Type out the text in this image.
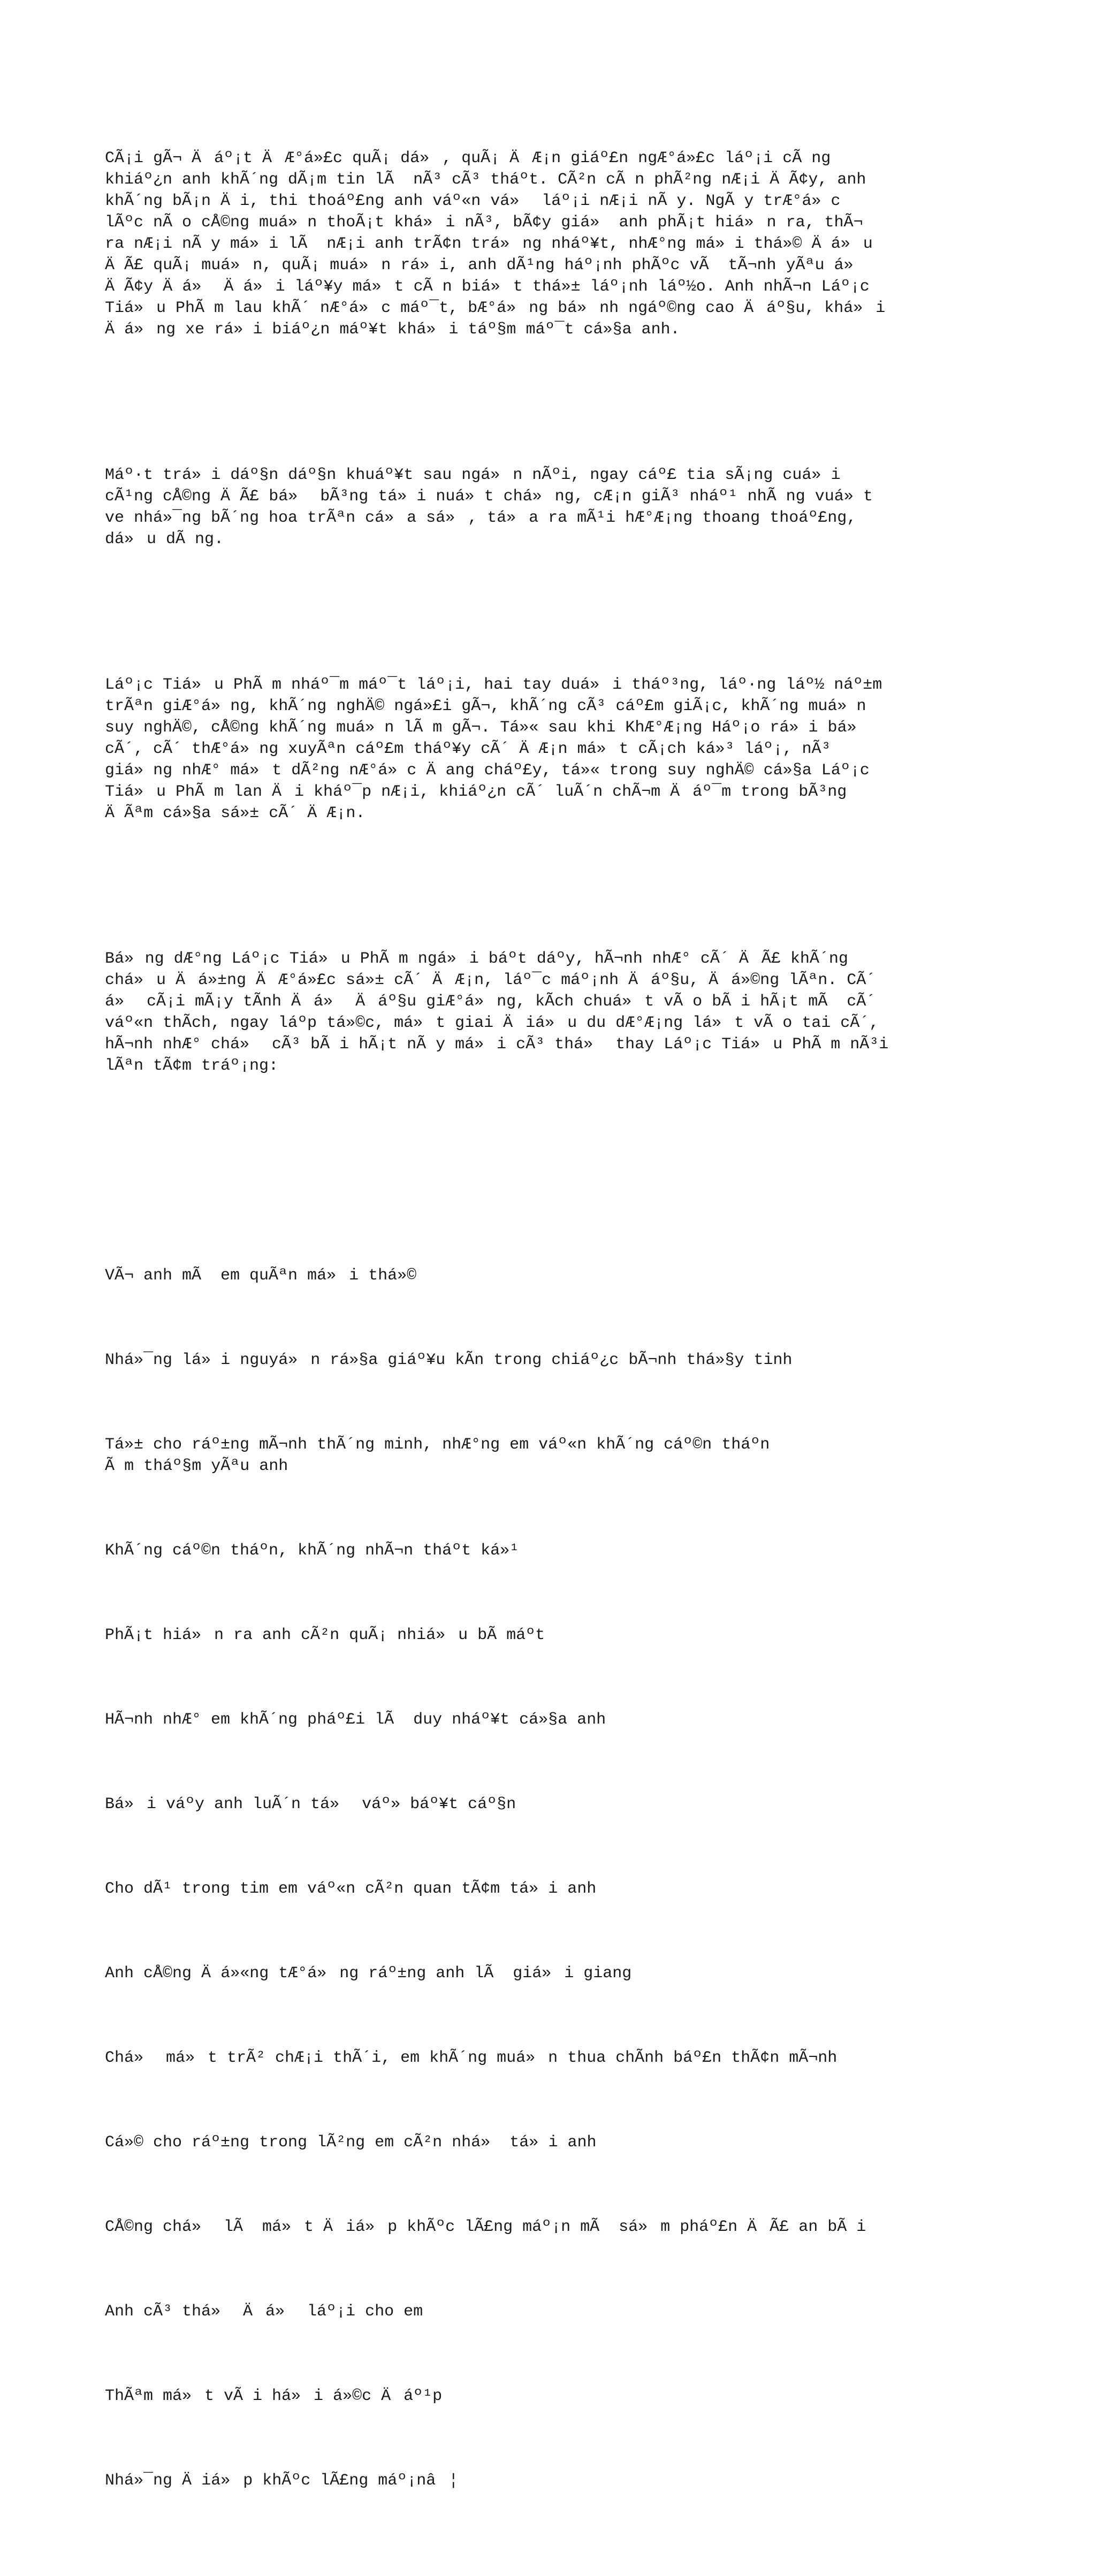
CÃ¡i gÃ¬ Äáº¡t ÄÆ°á»£c quÃ¡ dá», quÃ¡ ÄÆ¡n giáº£n ngÆ°á»£c láº¡i cÃ ng
khiáº¿n anh khÃ´ng dÃ¡m tin lÃ  nÃ³ cÃ³ tháºt. CÃ²n cÃ n phÃ²ng nÆ¡i ÄÃ¢y, anh
khÃ´ng bÃ¡n Äi, thi thoáº£ng anh váº«n vá» láº¡i nÆ¡i nÃ y. NgÃ y trÆ°á»c
lÃºc nÃ o cÅ©ng muá»n thoÃ¡t khá»i nÃ³, bÃ¢y giá» anh phÃ¡t hiá»n ra, thÃ¬
ra nÆ¡i nÃ y má»i lÃ  nÆ¡i anh trÃ¢n trá»ng nháº¥t, nhÆ°ng má»i thá»© Äá»u
ÄÃ£ quÃ¡ muá»n, quÃ¡ muá»n rá»i, anh dÃ¹ng háº¡nh phÃºc vÃ  tÃ¬nh yÃªu á»
ÄÃ¢y Äá» Äá»i láº¥y má»t cÃ n biá»t thá»± láº¡nh láº½o. Anh nhÃ¬n Láº¡c
Tiá»u PhÃ m lau khÃ´ nÆ°á»c máº¯t, bÆ°á»ng bá»nh ngáº©ng cao Äáº§u, khá»i
Äá»ng xe rá»i biáº¿n máº¥t khá»i táº§m máº¯t cá»§a anh.

Máº·t trá»i dáº§n dáº§n khuáº¥t sau ngá»n nÃºi, ngay cáº£ tia sÃ¡ng cuá»i
cÃ¹ng cÅ©ng ÄÃ£ bá» bÃ³ng tá»i nuá»t chá»ng, cÆ¡n giÃ³ nháº¹ nhÃ ng vuá»t
ve nhá»¯ng bÃ´ng hoa trÃªn cá»a sá», tá»a ra mÃ¹i hÆ°Æ¡ng thoang thoáº£ng,
dá»u dÃ ng.

Láº¡c Tiá»u PhÃ m nháº¯m máº¯t láº¡i, hai tay duá»i tháº³ng, láº·ng láº½ náº±m
trÃªn giÆ°á»ng, khÃ´ng nghÄ© ngá»£i gÃ¬, khÃ´ng cÃ³ cáº£m giÃ¡c, khÃ´ng muá»n
suy nghÄ©, cÅ©ng khÃ´ng muá»n lÃ m gÃ¬. Tá»« sau khi KhÆ°Æ¡ng Háº¡o rá»i bá»
cÃ´, cÃ´ thÆ°á»ng xuyÃªn cáº£m tháº¥y cÃ´ ÄÆ¡n má»t cÃ¡ch ká»³ láº¡, nÃ³
giá»ng nhÆ° má»t dÃ²ng nÆ°á»c Äang cháº£y, tá»« trong suy nghÄ© cá»§a Láº¡c
Tiá»u PhÃ m lan Äi kháº¯p nÆ¡i, khiáº¿n cÃ´ luÃ´n chÃ¬m Äáº¯m trong bÃ³ng
ÄÃªm cá»§a sá»± cÃ´ ÄÆ¡n.

Bá»ng dÆ°ng Láº¡c Tiá»u PhÃ m ngá»i báºt dáºy, hÃ¬nh nhÆ° cÃ´ ÄÃ£ khÃ´ng
chá»u Äá»±ng ÄÆ°á»£c sá»± cÃ´ ÄÆ¡n, láº¯c máº¡nh Äáº§u, Äá»©ng lÃªn. CÃ´
á» cÃ¡i mÃ¡y tÃnh Äá» Äáº§u giÆ°á»ng, kÃch chuá»t vÃ o bÃ i hÃ¡t mÃ  cÃ´
váº«n thÃch, ngay láºp tá»©c, má»t giai Äiá»u du dÆ°Æ¡ng lá»t vÃ o tai cÃ´,
hÃ¬nh nhÆ° chá» cÃ³ bÃ i hÃ¡t nÃ y má»i cÃ³ thá» thay Láº¡c Tiá»u PhÃ m nÃ³i
lÃªn tÃ¢m tráº¡ng:

VÃ¬ anh mÃ  em quÃªn má»i thá»©

Nhá»¯ng lá»i nguyá»n rá»§a giáº¥u kÃn trong chiáº¿c bÃ¬nh thá»§y tinh

Tá»± cho ráº±ng mÃ¬nh thÃ´ng minh, nhÆ°ng em váº«n khÃ´ng cáº©n tháºn
Ãm tháº§m yÃªu anh

KhÃ´ng cáº©n tháºn, khÃ´ng nhÃ¬n tháºt ká»¹

PhÃ¡t hiá»n ra anh cÃ²n quÃ¡ nhiá»u bÃ máºt

HÃ¬nh nhÆ° em khÃ´ng pháº£i lÃ  duy nháº¥t cá»§a anh

Bá»i váºy anh luÃ´n tá» váº» báº¥t cáº§n

Cho dÃ¹ trong tim em váº«n cÃ²n quan tÃ¢m tá»i anh

Anh cÅ©ng Äá»«ng tÆ°á»ng ráº±ng anh lÃ  giá»i giang

Chá» má»t trÃ² chÆ¡i thÃ´i, em khÃ´ng muá»n thua chÃnh báº£n thÃ¢n mÃ¬nh

Cá»© cho ráº±ng trong lÃ²ng em cÃ²n nhá» tá»i anh

CÅ©ng chá» lÃ  má»t Äiá»p khÃºc lÃ£ng máº¡n mÃ  sá»m pháº£n ÄÃ£ an bÃ i

Anh cÃ³ thá» Äá» láº¡i cho em

ThÃªm má»t vÃ i há»i á»©c Äáº¹p

Nhá»¯ng Äiá»p khÃºc lÃ£ng máº¡nâ¦
